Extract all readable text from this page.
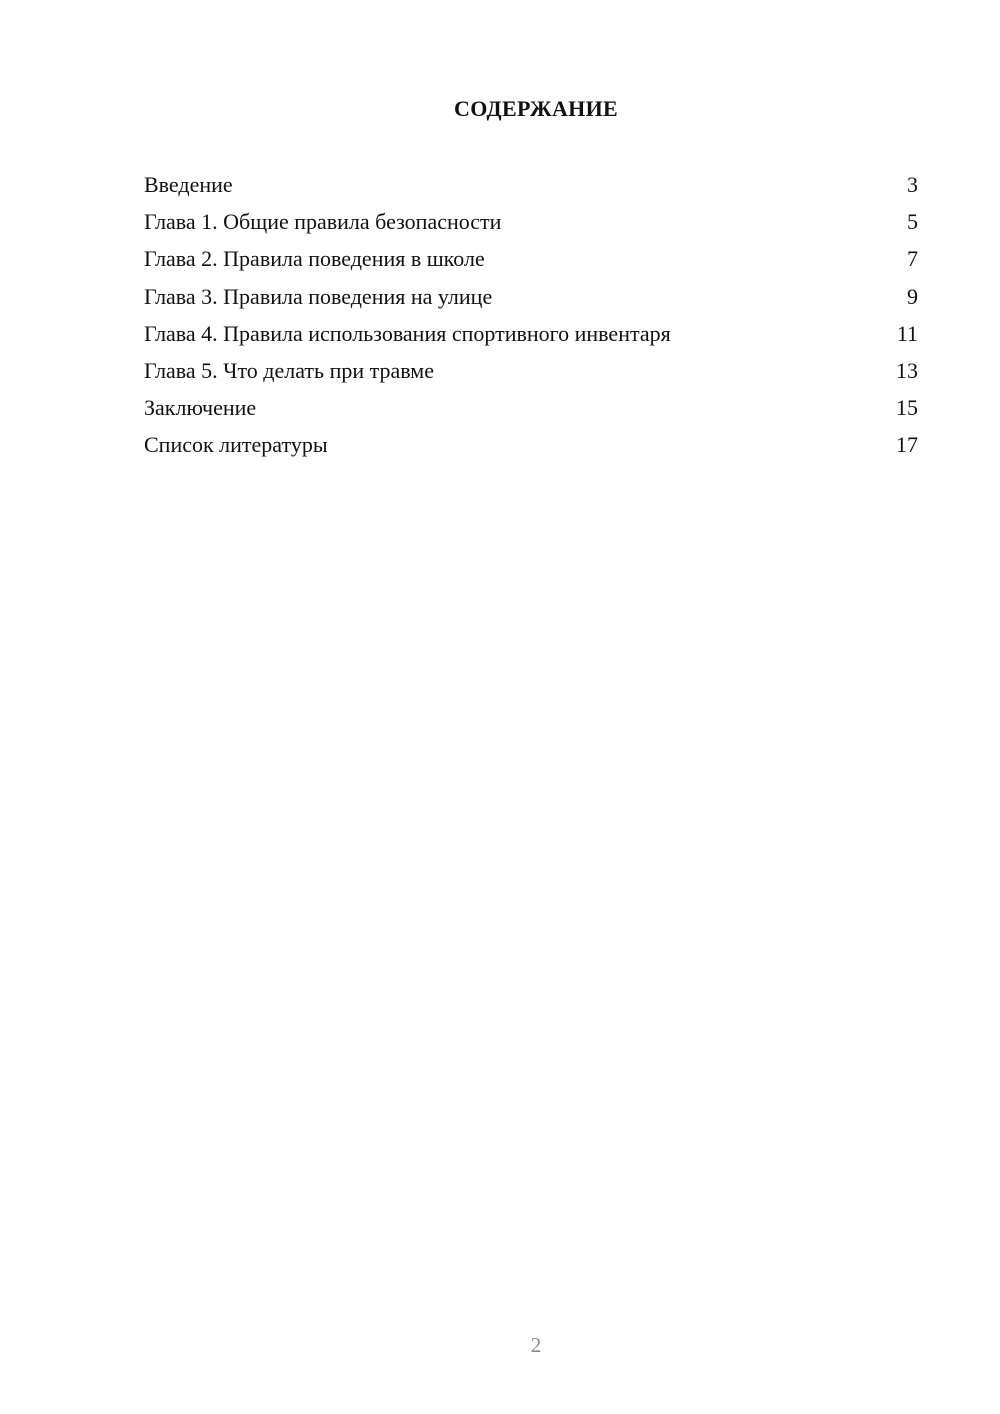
СОДЕРЖАНИЕ
Введение	3
Глава 1. Общие правила безопасности	5
Глава 2. Правила поведения в школе	7
Глава 3. Правила поведения на улице	9
Глава 4. Правила использования спортивного инвентаря	11
Глава 5. Что делать при травме	13
Заключение	15
Список литературы	17
2
